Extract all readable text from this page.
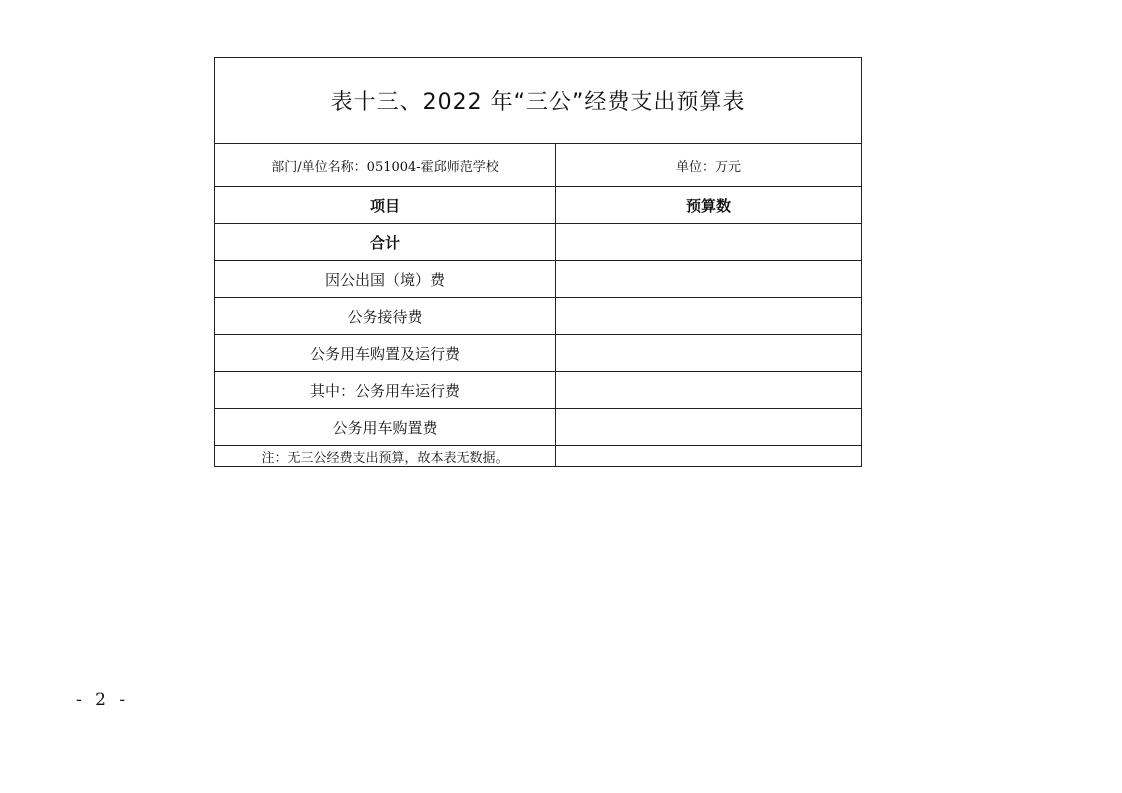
表十三、2022 年“三公”经费支出预算表	
部门/单位名称：051004-霍邱师范学校	单位：万元
项目	预算数
合计	
因公出国（境）费	
公务接待费	
公务用车购置及运行费	
其中：公务用车运行费	
公务用车购置费	
注：无三公经费支出预算，故本表无数据。	
- 2 -
